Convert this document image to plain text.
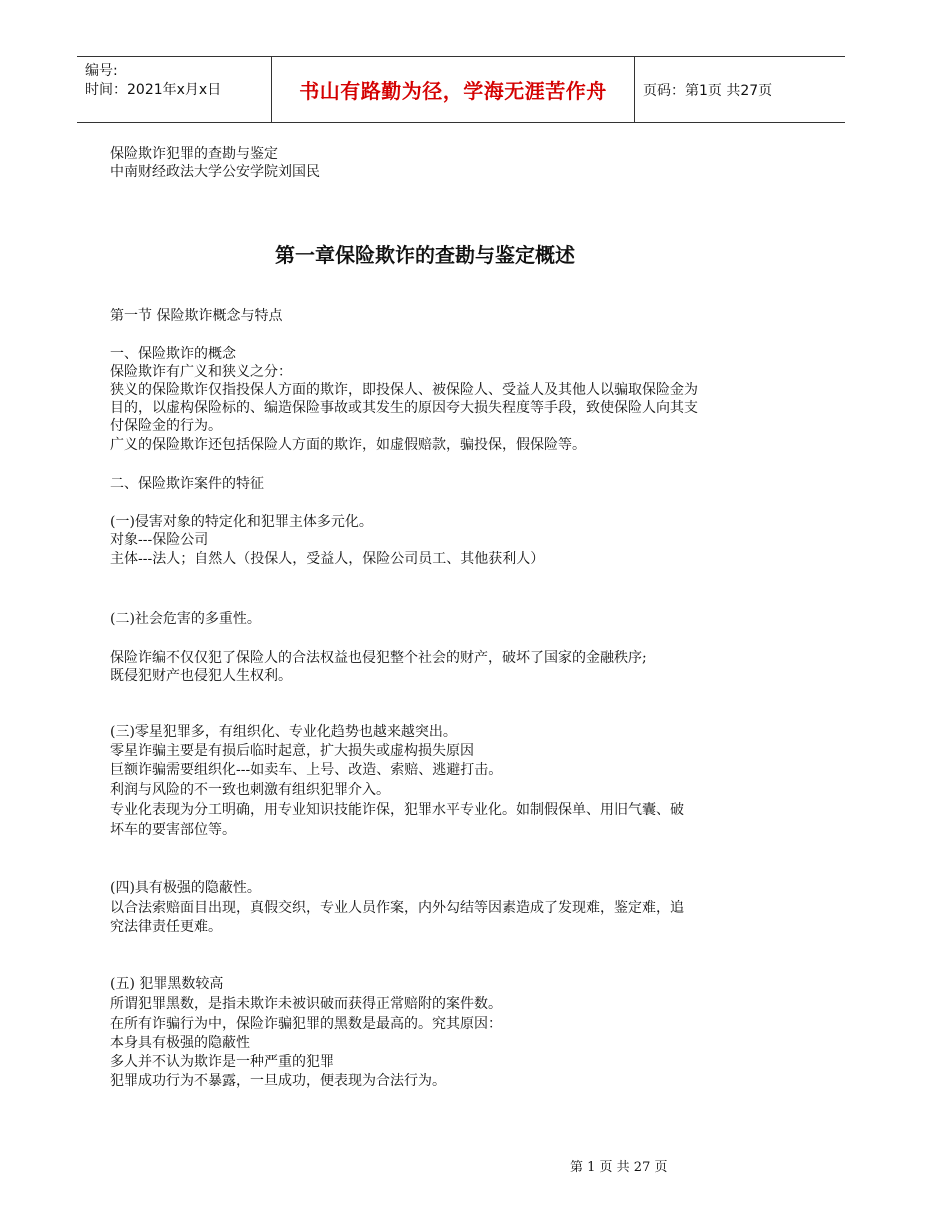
编号:
时间：2021年x月x日	书山有路勤为径，学海无涯苦作舟	页码：第1页 共27页
保险欺诈犯罪的查勘与鉴定
中南财经政法大学公安学院刘国民
第一章保险欺诈的查勘与鉴定概述
第一节 保险欺诈概念与特点
一、保险欺诈的概念
保险欺诈有广义和狭义之分：
狭义的保险欺诈仅指投保人方面的欺诈，即投保人、被保险人、受益人及其他人以骗取保险金为
目的，以虚构保险标的、编造保险事故或其发生的原因夸大损失程度等手段，致使保险人向其支
付保险金的行为。
广义的保险欺诈还包括保险人方面的欺诈，如虚假赔款，骗投保，假保险等。
二、保险欺诈案件的特征
(一)侵害对象的特定化和犯罪主体多元化。
对象---保险公司
主体---法人；自然人（投保人，受益人，保险公司员工、其他获利人）
(二)社会危害的多重性。
保险诈编不仅仅犯了保险人的合法权益也侵犯整个社会的财产，破坏了国家的金融秩序;
既侵犯财产也侵犯人生权利。
(三)零星犯罪多，有组织化、专业化趋势也越来越突出。
零星诈骗主要是有损后临时起意，扩大损失或虚构损失原因
巨额诈骗需要组织化---如卖车、上号、改造、索赔、逃避打击。
利润与风险的不一致也刺激有组织犯罪介入。
专业化表现为分工明确，用专业知识技能诈保，犯罪水平专业化。如制假保单、用旧气囊、破
坏车的要害部位等。
(四)具有极强的隐蔽性。
以合法索赔面目出现，真假交织，专业人员作案，内外勾结等因素造成了发现难，鉴定难，追
究法律责任更难。
(五) 犯罪黑数较高
所谓犯罪黑数，是指未欺诈未被识破而获得正常赔附的案件数。
在所有诈骗行为中，保险诈骗犯罪的黑数是最高的。究其原因：
本身具有极强的隐蔽性
多人并不认为欺诈是一种严重的犯罪
犯罪成功行为不暴露，一旦成功，便表现为合法行为。
第 1 页 共 27 页
